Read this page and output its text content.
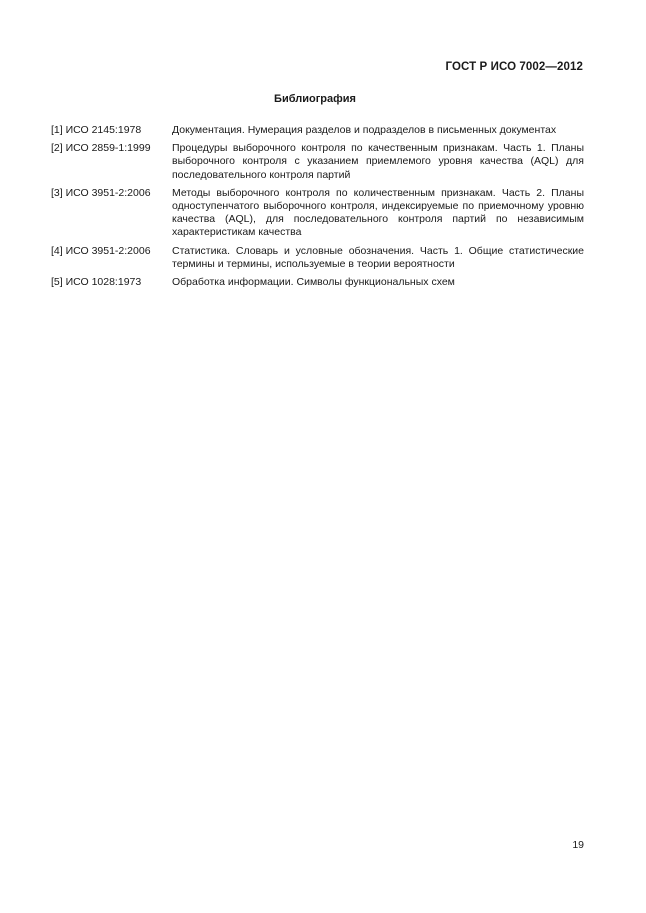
ГОСТ Р ИСО 7002—2012
Библиография
[1] ИСО 2145:1978	Документация. Нумерация разделов и подразделов в письменных документах
[2] ИСО 2859-1:1999	Процедуры выборочного контроля по качественным признакам. Часть 1. Планы выборочного контроля с указанием приемлемого уровня качества (AQL) для последовательного контроля партий
[3] ИСО 3951-2:2006	Методы выборочного контроля по количественным признакам. Часть 2. Планы одноступенчатого выборочного контроля, индексируемые по приемочному уровню качества (AQL), для последовательного контроля партий по независимым характеристикам качества
[4] ИСО 3951-2:2006	Статистика. Словарь и условные обозначения. Часть 1. Общие статистические термины и термины, используемые в теории вероятности
[5] ИСО 1028:1973	Обработка информации. Символы функциональных схем
19
